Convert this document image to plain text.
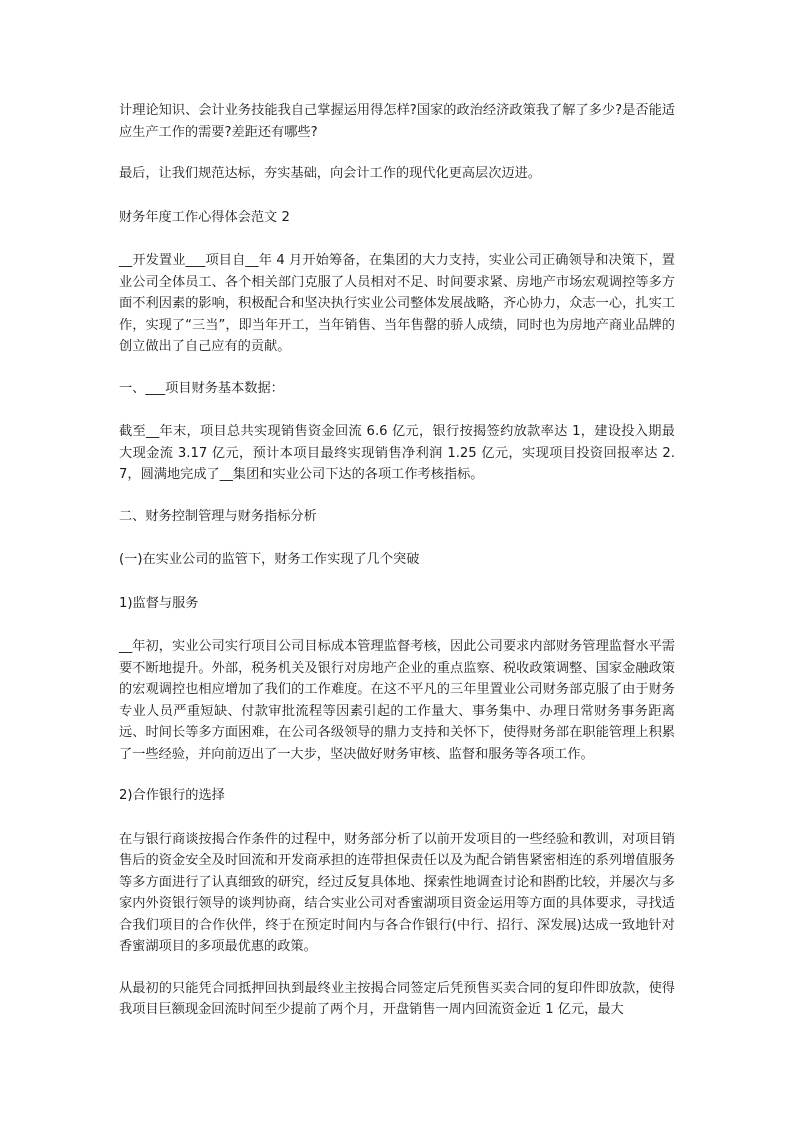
计理论知识、会计业务技能我自己掌握运用得怎样?国家的政治经济政策我了解了多少?是否能适应生产工作的需要?差距还有哪些?

最后，让我们规范达标，夯实基础，向会计工作的现代化更高层次迈进。

财务年度工作心得体会范文 2

__开发置业___项目自__年 4 月开始筹备，在集团的大力支持，实业公司正确领导和决策下，置业公司全体员工、各个相关部门克服了人员相对不足、时间要求紧、房地产市场宏观调控等多方面不利因素的影响，积极配合和坚决执行实业公司整体发展战略，齐心协力，众志一心，扎实工作，实现了“三当”，即当年开工，当年销售、当年售罄的骄人成绩，同时也为房地产商业品牌的创立做出了自己应有的贡献。

一、___项目财务基本数据：

截至__年末，项目总共实现销售资金回流 6.6 亿元，银行按揭签约放款率达 1，建设投入期最大现金流 3.17 亿元，预计本项目最终实现销售净利润 1.25 亿元，实现项目投资回报率达 2.7，圆满地完成了__集团和实业公司下达的各项工作考核指标。

二、财务控制管理与财务指标分析

(一)在实业公司的监管下，财务工作实现了几个突破

1)监督与服务

__年初，实业公司实行项目公司目标成本管理监督考核，因此公司要求内部财务管理监督水平需要不断地提升。外部，税务机关及银行对房地产企业的重点监察、税收政策调整、国家金融政策的宏观调控也相应增加了我们的工作难度。在这不平凡的三年里置业公司财务部克服了由于财务专业人员严重短缺、付款审批流程等因素引起的工作量大、事务集中、办理日常财务事务距离远、时间长等多方面困难，在公司各级领导的鼎力支持和关怀下，使得财务部在职能管理上积累了一些经验，并向前迈出了一大步，坚决做好财务审核、监督和服务等各项工作。

2)合作银行的选择

在与银行商谈按揭合作条件的过程中，财务部分析了以前开发项目的一些经验和教训，对项目销售后的资金安全及时回流和开发商承担的连带担保责任以及为配合销售紧密相连的系列增值服务等多方面进行了认真细致的研究，经过反复具体地、探索性地调查讨论和斟酌比较，并屡次与多家内外资银行领导的谈判协商，结合实业公司对香蜜湖项目资金运用等方面的具体要求，寻找适合我们项目的合作伙伴，终于在预定时间内与各合作银行(中行、招行、深发展)达成一致地针对香蜜湖项目的多项最优惠的政策。

从最初的只能凭合同抵押回执到最终业主按揭合同签定后凭预售买卖合同的复印件即放款，使得我项目巨额现金回流时间至少提前了两个月，开盘销售一周内回流资金近 1 亿元，最大
